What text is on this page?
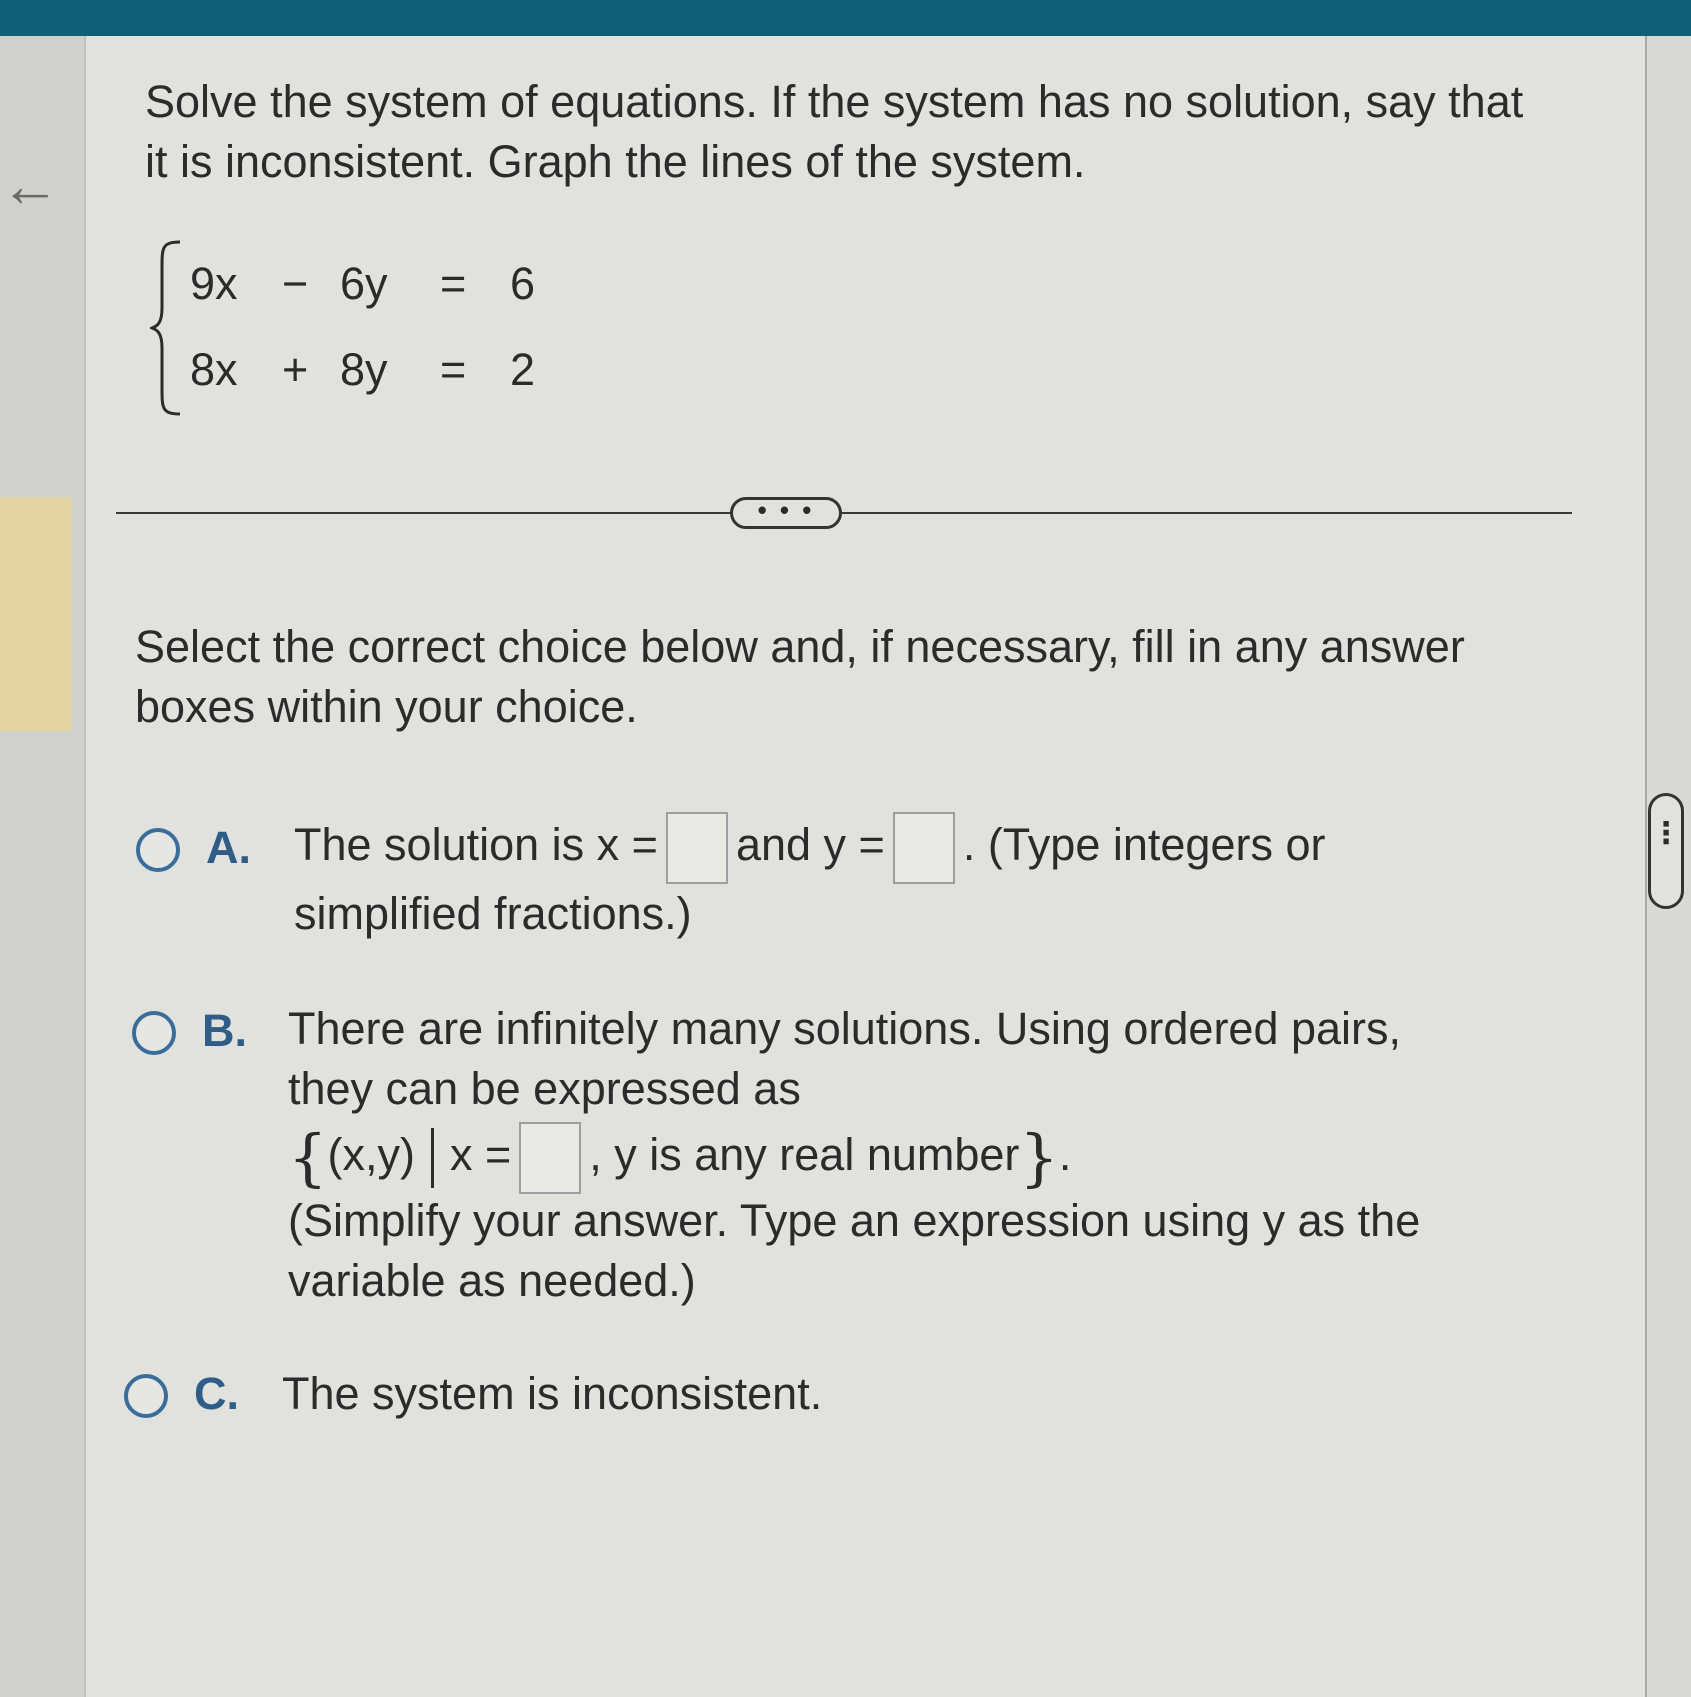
←

Solve the system of equations. If the system has no solution, say that it is inconsistent. Graph the lines of the system.

9x − 6y = 6
8x + 8y = 2
• • •
Select the correct choice below and, if necessary, fill in any answer boxes within your choice.
A. The solution is x = and y = . (Type integers or
simplified fractions.)
B. There are infinitely many solutions. Using ordered pairs,
they can be expressed as
{(x,y) x = , y is any real number}.
(Simplify your answer. Type an expression using y as the
variable as needed.)
C. The system is inconsistent.
⋮
